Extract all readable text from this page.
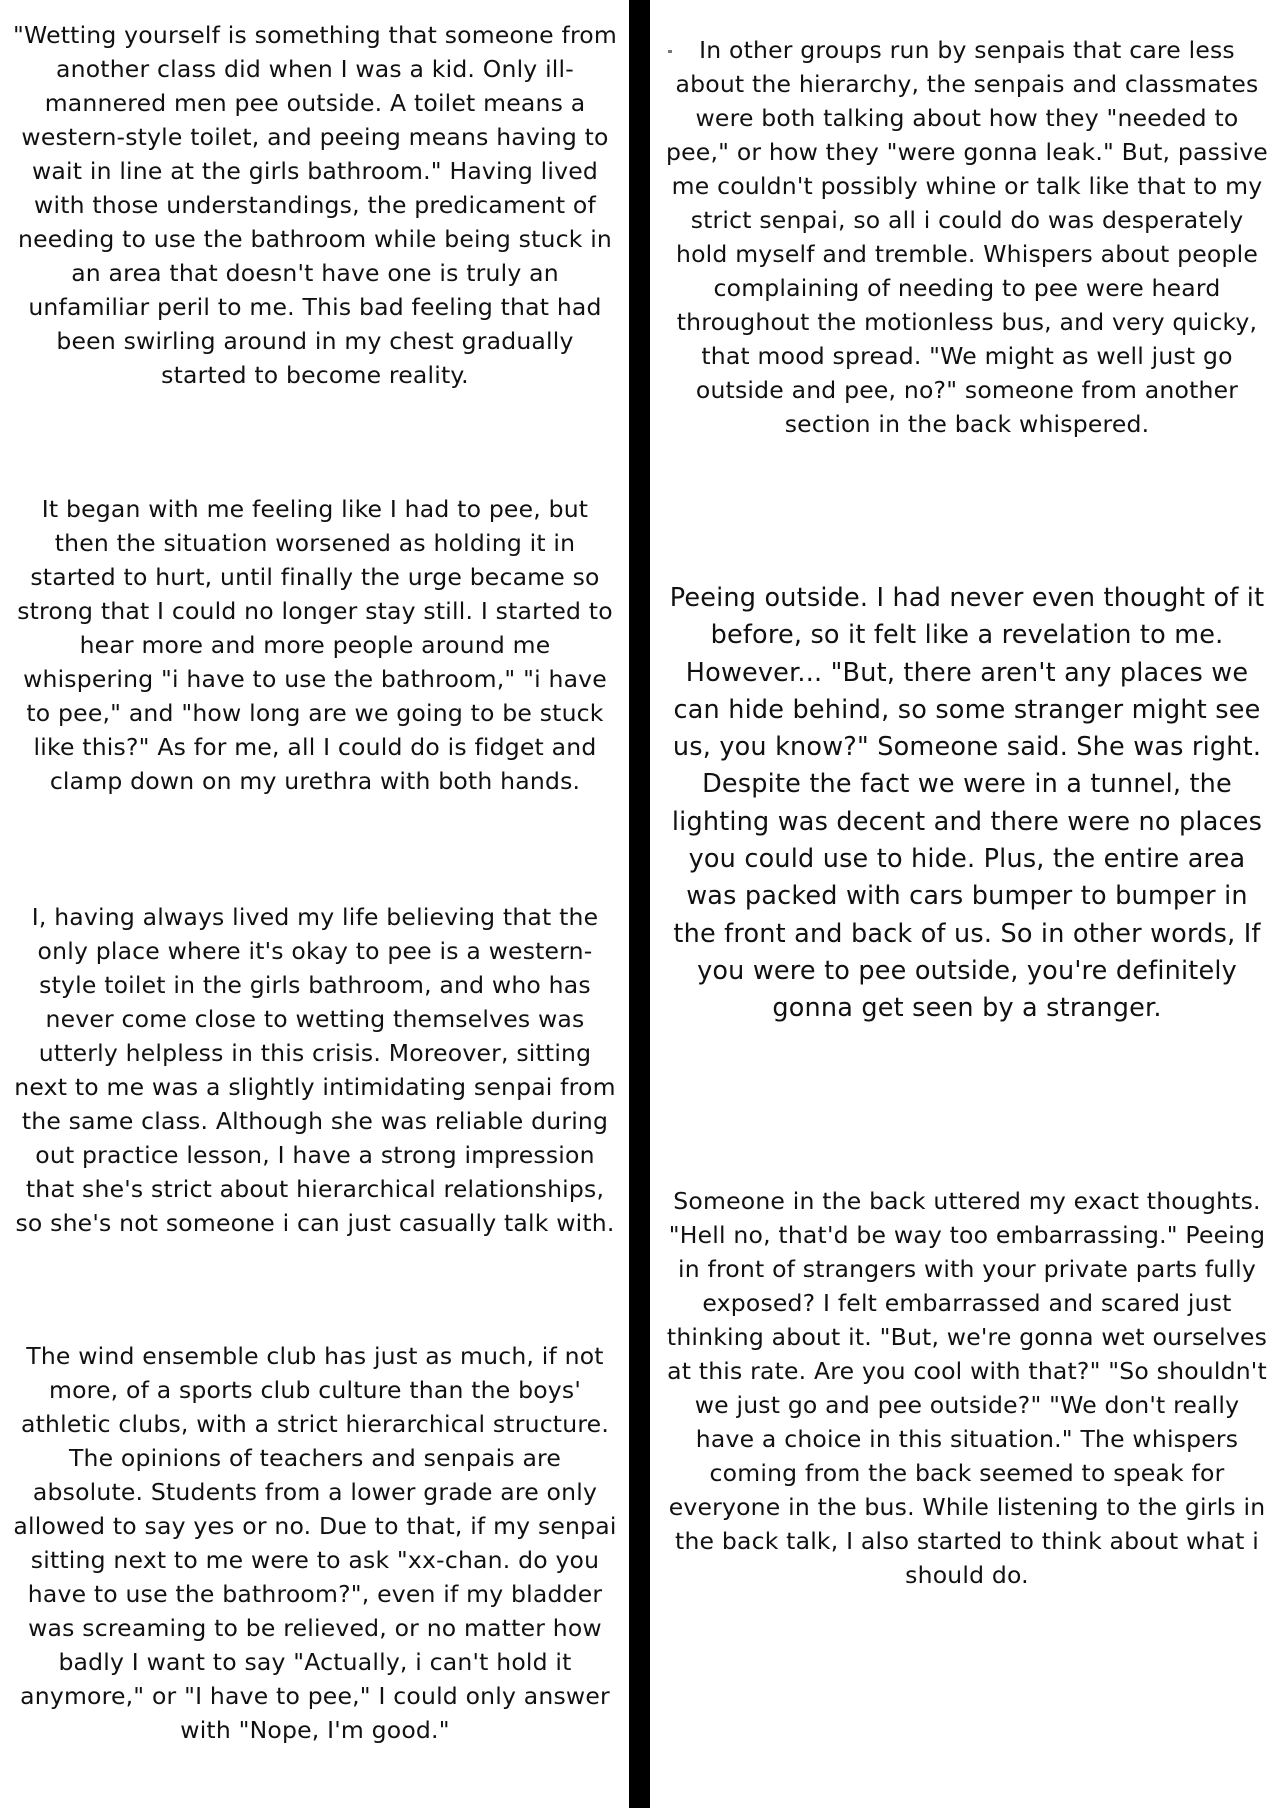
"Wetting yourself is something that someone from another class did when I was a kid. Only ill-mannered men pee outside. A toilet means a western-style toilet, and peeing means having to wait in line at the girls bathroom." Having lived with those understandings, the predicament of needing to use the bathroom while being stuck in an area that doesn't have one is truly an unfamiliar peril to me. This bad feeling that had been swirling around in my chest gradually started to become reality.

It began with me feeling like I had to pee, but then the situation worsened as holding it in started to hurt, until finally the urge became so strong that I could no longer stay still. I started to hear more and more people around me whispering "i have to use the bathroom," "i have to pee," and "how long are we going to be stuck like this?" As for me, all I could do is fidget and clamp down on my urethra with both hands.

I, having always lived my life believing that the only place where it's okay to pee is a western-style toilet in the girls bathroom, and who has never come close to wetting themselves was utterly helpless in this crisis. Moreover, sitting next to me was a slightly intimidating senpai from the same class. Although she was reliable during out practice lesson, I have a strong impression that she's strict about hierarchical relationships, so she's not someone i can just casually talk with.

The wind ensemble club has just as much, if not more, of a sports club culture than the boys' athletic clubs, with a strict hierarchical structure. The opinions of teachers and senpais are absolute. Students from a lower grade are only allowed to say yes or no. Due to that, if my senpai sitting next to me were to ask "xx-chan. do you have to use the bathroom?", even if my bladder was screaming to be relieved, or no matter how badly I want to say "Actually, i can't hold it anymore," or "I have to pee," I could only answer with "Nope, I'm good."

In other groups run by senpais that care less about the hierarchy, the senpais and classmates were both talking about how they "needed to pee," or how they "were gonna leak." But, passive me couldn't possibly whine or talk like that to my strict senpai, so all i could do was desperately hold myself and tremble. Whispers about people complaining of needing to pee were heard throughout the motionless bus, and very quicky, that mood spread. "We might as well just go outside and pee, no?" someone from another section in the back whispered.

Peeing outside. I had never even thought of it before, so it felt like a revelation to me. However... "But, there aren't any places we can hide behind, so some stranger might see us, you know?" Someone said. She was right. Despite the fact we were in a tunnel, the lighting was decent and there were no places you could use to hide. Plus, the entire area was packed with cars bumper to bumper in the front and back of us. So in other words, If you were to pee outside, you're definitely gonna get seen by a stranger.

Someone in the back uttered my exact thoughts. "Hell no, that'd be way too embarrassing." Peeing in front of strangers with your private parts fully exposed? I felt embarrassed and scared just thinking about it. "But, we're gonna wet ourselves at this rate. Are you cool with that?" "So shouldn't we just go and pee outside?" "We don't really have a choice in this situation." The whispers coming from the back seemed to speak for everyone in the bus. While listening to the girls in the back talk, I also started to think about what i should do.
